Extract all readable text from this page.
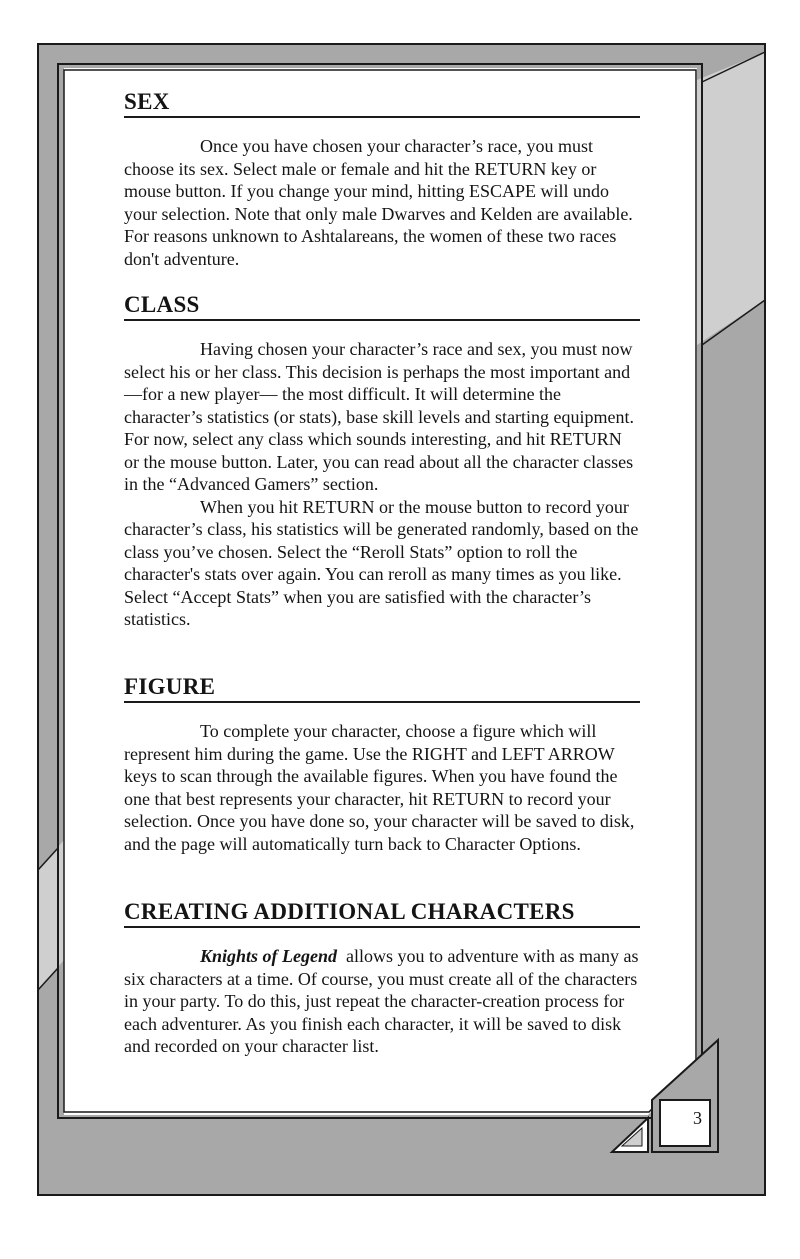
SEX

Once you have chosen your character’s race, you must choose its sex. Select male or female and hit the RETURN key or mouse button. If you change your mind, hitting ESCAPE will undo your selection. Note that only male Dwarves and Kelden are available. For reasons unknown to Ashtalareans, the women of these two races don't adventure.

CLASS

Having chosen your character’s race and sex, you must now select his or her class. This decision is perhaps the most important and—for a new player— the most difficult. It will determine the character’s statistics (or stats), base skill levels and starting equipment. For now, select any class which sounds interesting, and hit RETURN or the mouse button. Later, you can read about all the character classes in the “Advanced Gamers” section.

When you hit RETURN or the mouse button to record your character’s class, his statistics will be generated randomly, based on the class you’ve chosen. Select the “Reroll Stats” option to roll the character's stats over again. You can reroll as many times as you like. Select “Accept Stats” when you are satisfied with the character’s statistics.

FIGURE

To complete your character, choose a figure which will represent him during the game. Use the RIGHT and LEFT ARROW keys to scan through the available figures. When you have found the one that best represents your character, hit RETURN to record your selection. Once you have done so, your character will be saved to disk, and the page will automatically turn back to Character Options.

CREATING ADDITIONAL CHARACTERS

Knights of Legend allows you to adventure with as many as six characters at a time. Of course, you must create all of the characters in your party. To do this, just repeat the character-creation process for each adventurer. As you finish each character, it will be saved to disk and recorded on your character list.

3
